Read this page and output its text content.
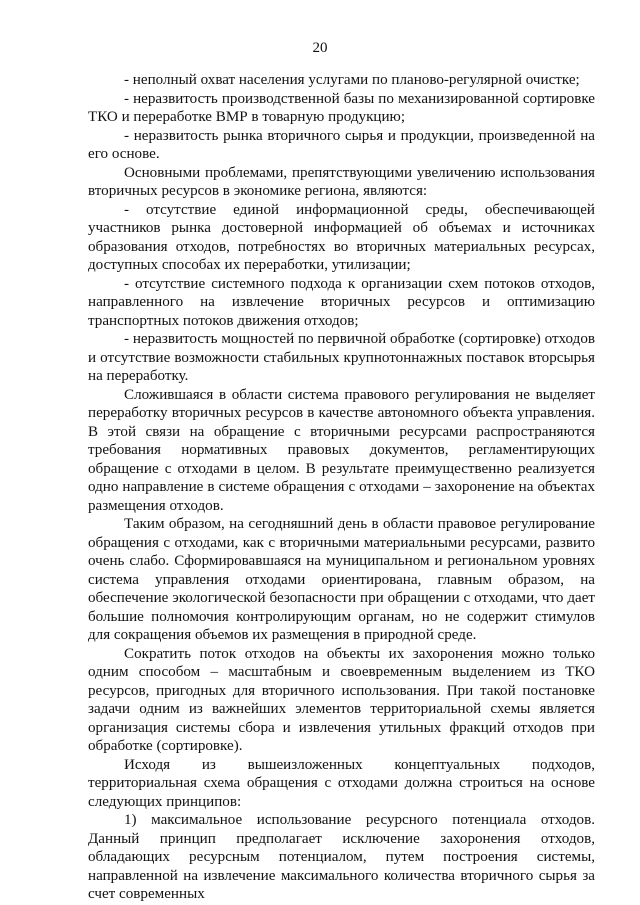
20

- неполный охват населения услугами по планово-регулярной очистке;

- неразвитость производственной базы по механизированной сортировке ТКО и переработке ВМР в товарную продукцию;

- неразвитость рынка вторичного сырья и продукции, произведенной на его основе.

Основными проблемами, препятствующими увеличению использования вторичных ресурсов в экономике региона, являются:

- отсутствие единой информационной среды, обеспечивающей участников рынка достоверной информацией об объемах и источниках образования отходов, потребностях во вторичных материальных ресурсах, доступных способах их переработки, утилизации;

- отсутствие системного подхода к организации схем потоков отходов, направленного на извлечение вторичных ресурсов и оптимизацию транспортных потоков движения отходов;

- неразвитость мощностей по первичной обработке (сортировке) отходов и отсутствие возможности стабильных крупнотоннажных поставок вторсырья на переработку.

Сложившаяся в области система правового регулирования не выделяет переработку вторичных ресурсов в качестве автономного объекта управления. В этой связи на обращение с вторичными ресурсами распространяются требования нормативных правовых документов, регламентирующих обращение с отходами в целом. В результате преимущественно реализуется одно направление в системе обращения с отходами – захоронение на объектах размещения отходов.

Таким образом, на сегодняшний день в области правовое регулирование обращения с отходами, как с вторичными материальными ресурсами, развито очень слабо. Сформировавшаяся на муниципальном и региональном уровнях система управления отходами ориентирована, главным образом, на обеспечение экологической безопасности при обращении с отходами, что дает большие полномочия контролирующим органам, но не содержит стимулов для сокращения объемов их размещения в природной среде.

Сократить поток отходов на объекты их захоронения можно только одним способом – масштабным и своевременным выделением из ТКО ресурсов, пригодных для вторичного использования. При такой постановке задачи одним из важнейших элементов территориальной схемы является организация системы сбора и извлечения утильных фракций отходов при обработке (сортировке).

Исходя из вышеизложенных концептуальных подходов, территориальная схема обращения с отходами должна строиться на основе следующих принципов:

1) максимальное использование ресурсного потенциала отходов. Данный принцип предполагает исключение захоронения отходов, обладающих ресурсным потенциалом, путем построения системы, направленной на извлечение максимального количества вторичного сырья за счет современных
